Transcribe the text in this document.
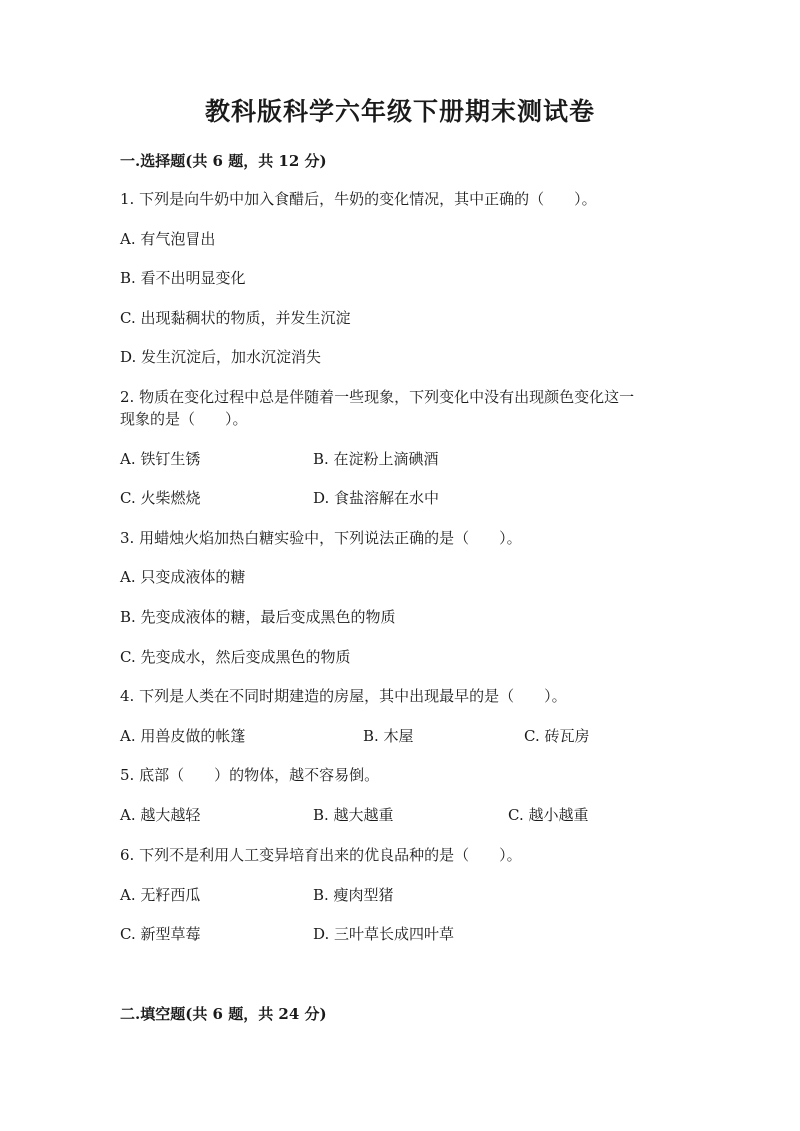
教科版科学六年级下册期末测试卷
一.选择题(共 6 题，共 12 分)
1. 下列是向牛奶中加入食醋后，牛奶的变化情况，其中正确的（　　）。
A. 有气泡冒出
B. 看不出明显变化
C. 出现黏稠状的物质，并发生沉淀
D. 发生沉淀后，加水沉淀消失
2. 物质在变化过程中总是伴随着一些现象，下列变化中没有出现颜色变化这一
现象的是（　　）。
A. 铁钉生锈	B. 在淀粉上滴碘酒
C. 火柴燃烧	D. 食盐溶解在水中
3. 用蜡烛火焰加热白糖实验中，下列说法正确的是（　　）。
A. 只变成液体的糖
B. 先变成液体的糖，最后变成黑色的物质
C. 先变成水，然后变成黑色的物质
4. 下列是人类在不同时期建造的房屋，其中出现最早的是（　　）。
A. 用兽皮做的帐篷	B. 木屋	C. 砖瓦房
5. 底部（　　）的物体，越不容易倒。
A. 越大越轻	B. 越大越重	C. 越小越重
6. 下列不是利用人工变异培育出来的优良品种的是（　　）。
A. 无籽西瓜	B. 瘦肉型猪
C. 新型草莓	D. 三叶草长成四叶草
二.填空题(共 6 题，共 24 分)
